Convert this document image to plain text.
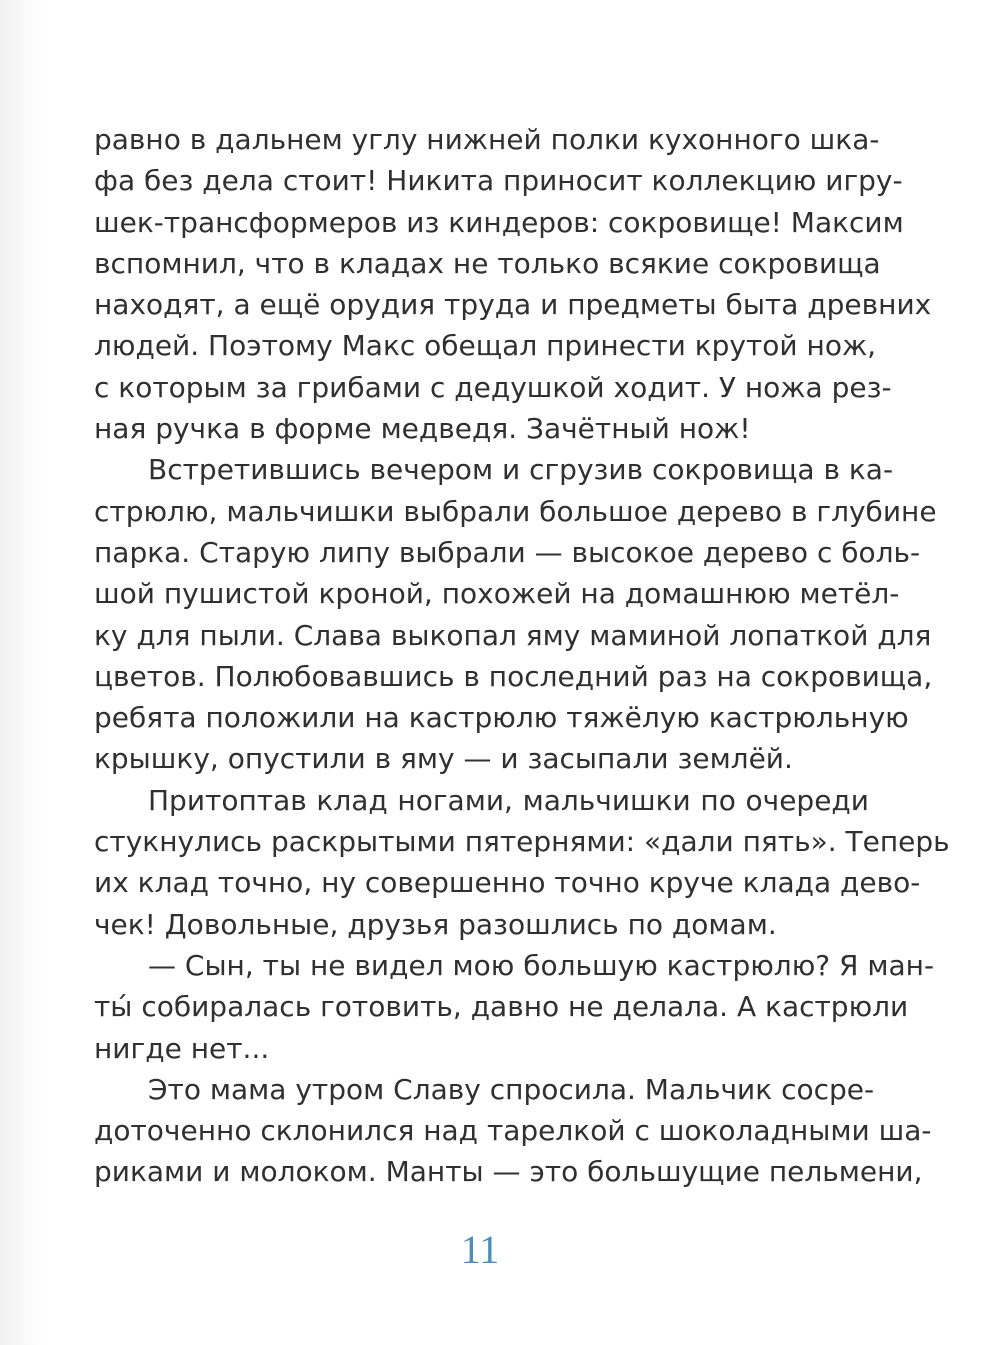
равно в дальнем углу нижней полки кухонного шка-
фа без дела стоит! Никита приносит коллекцию игру-
шек-трансформеров из киндеров: сокровище! Максим
вспомнил, что в кладах не только всякие сокровища
находят, а ещё орудия труда и предметы быта древних
людей. Поэтому Макс обещал принести крутой нож,
с которым за грибами с дедушкой ходит. У ножа рез-
ная ручка в форме медведя. Зачётный нож!
Встретившись вечером и сгрузив сокровища в ка-
стрюлю, мальчишки выбрали большое дерево в глубине
парка. Старую липу выбрали — высокое дерево с боль-
шой пушистой кроной, похожей на домашнюю метёл-
ку для пыли. Слава выкопал яму маминой лопаткой для
цветов. Полюбовавшись в последний раз на сокровища,
ребята положили на кастрюлю тяжёлую кастрюльную
крышку, опустили в яму — и засыпали землёй.
Притоптав клад ногами, мальчишки по очереди
стукнулись раскрытыми пятернями: «дали пять». Теперь
их клад точно, ну совершенно точно круче клада дево-
чек! Довольные, друзья разошлись по домам.
— Сын, ты не видел мою большую кастрюлю? Я ман-
ты́ собиралась готовить, давно не делала. А кастрюли
нигде нет...
Это мама утром Славу спросила. Мальчик сосре-
доточенно склонился над тарелкой с шоколадными ша-
риками и молоком. Манты — это большущие пельмени,
11
